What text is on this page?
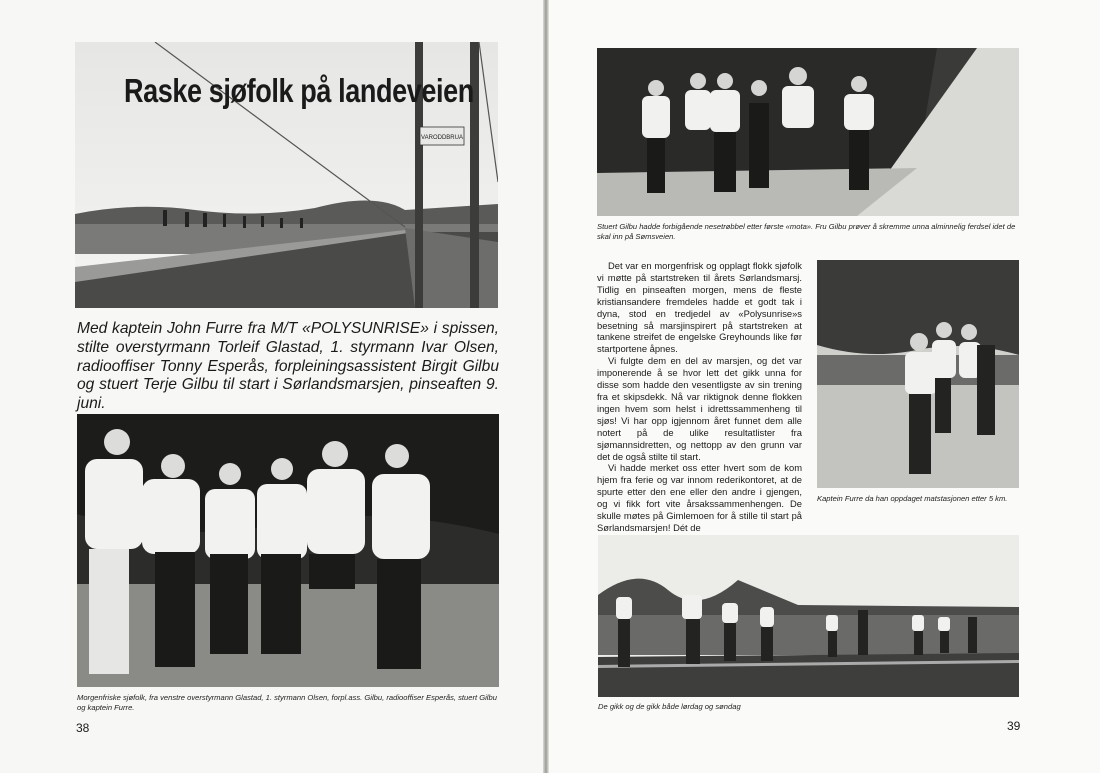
VARODDBRUA
Raske sjøfolk på landeveien
Med kaptein John Furre fra M/T «POLYSUNRISE» i spissen, stilte overstyrmann Torleif Glastad, 1. styrmann Ivar Olsen, radiooffiser Tonny Esperås, forpleiningsassistent Birgit Gilbu og stuert Terje Gilbu til start i Sørlandsmarsjen, pinseaften 9. juni.
Morgenfriske sjøfolk, fra venstre overstyrmann Glastad, 1. styrmann Olsen, forpl.ass. Gilbu, radiooffiser Esperås, stuert Gilbu og kaptein Furre.
38
Stuert Gilbu hadde forbigående nesetrøbbel etter første «mota». Fru Gilbu prøver å skremme unna alminnelig ferdsel idet de skal inn på Sømsveien.

Det var en morgenfrisk og opplagt flokk sjøfolk vi møtte på startstreken til årets Sørlandsmarsj. Tidlig en pinseaften morgen, mens de fleste kristiansandere fremdeles hadde et godt tak i dyna, stod en tredjedel av «Polysunrise»s besetning så marsjinspirert på startstreken at tankene streifet de engelske Greyhounds like før startportene åpnes.

Vi fulgte dem en del av marsjen, og det var imponerende å se hvor lett det gikk unna for disse som hadde den vesentligste av sin trening fra et skipsdekk. Nå var riktignok denne flokken ingen hvem som helst i idrettssammenheng til sjøs! Vi har opp igjennom året funnet dem alle notert på de ulike resultatlister fra sjømannsidretten, og nettopp av den grunn var det de også stilte til start.

Vi hadde merket oss etter hvert som de kom hjem fra ferie og var innom rederikontoret, at de spurte etter den ene eller den andre i gjengen, og vi fikk fort vite årsakssammenhengen. De skulle møtes på Gimlemoen for å stille til start på Sørlandsmarsjen! Dét de

Kaptein Furre da han oppdaget matstasjonen etter 5 km.
De gikk og de gikk både lørdag og søndag
39
